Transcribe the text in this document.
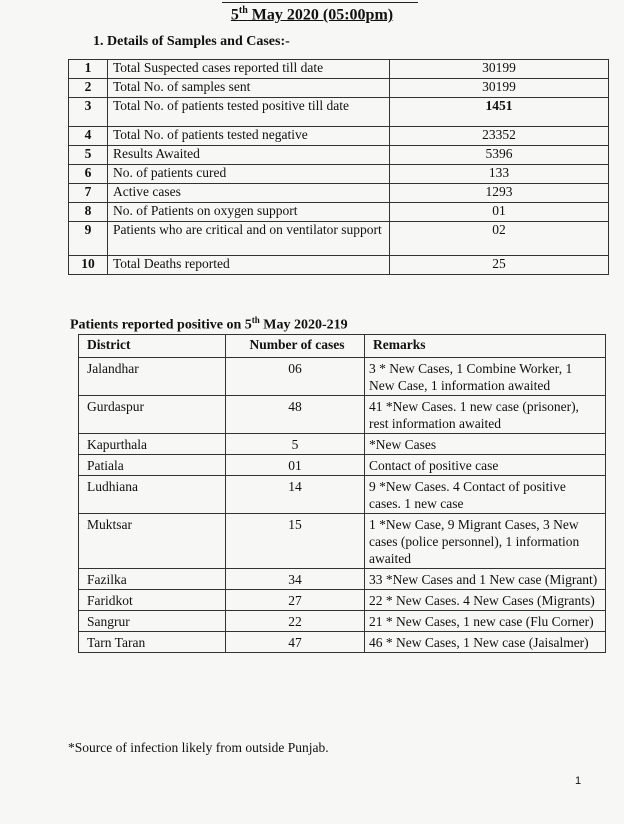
5th May 2020 (05:00pm)
1. Details of Samples and Cases:-
1	Total Suspected cases reported till date	30199
2	Total No. of samples sent	30199
3	Total No. of patients tested positive till date	1451
4	Total No. of patients tested negative	23352
5	Results Awaited	5396
6	No. of patients cured	133
7	Active cases	1293
8	No. of Patients on oxygen support	01
9	Patients who are critical and on ventilator support	02
10	Total Deaths reported	25
Patients reported positive on 5th May 2020-219
District	Number of cases	Remarks
Jalandhar	06	3 * New Cases, 1 Combine Worker, 1 New Case, 1 information awaited
Gurdaspur	48	41 *New Cases. 1 new case (prisoner), rest information awaited
Kapurthala	5	*New Cases
Patiala	01	Contact of positive case
Ludhiana	14	9 *New Cases. 4 Contact of positive cases. 1 new case
Muktsar	15	1 *New Case, 9 Migrant Cases, 3 New cases (police personnel), 1 information awaited
Fazilka	34	33 *New Cases and 1 New case (Migrant)
Faridkot	27	22 * New Cases. 4 New Cases (Migrants)
Sangrur	22	21 * New Cases, 1 new case (Flu Corner)
Tarn Taran	47	46 * New Cases, 1 New case (Jaisalmer)
*Source of infection likely from outside Punjab.
1
